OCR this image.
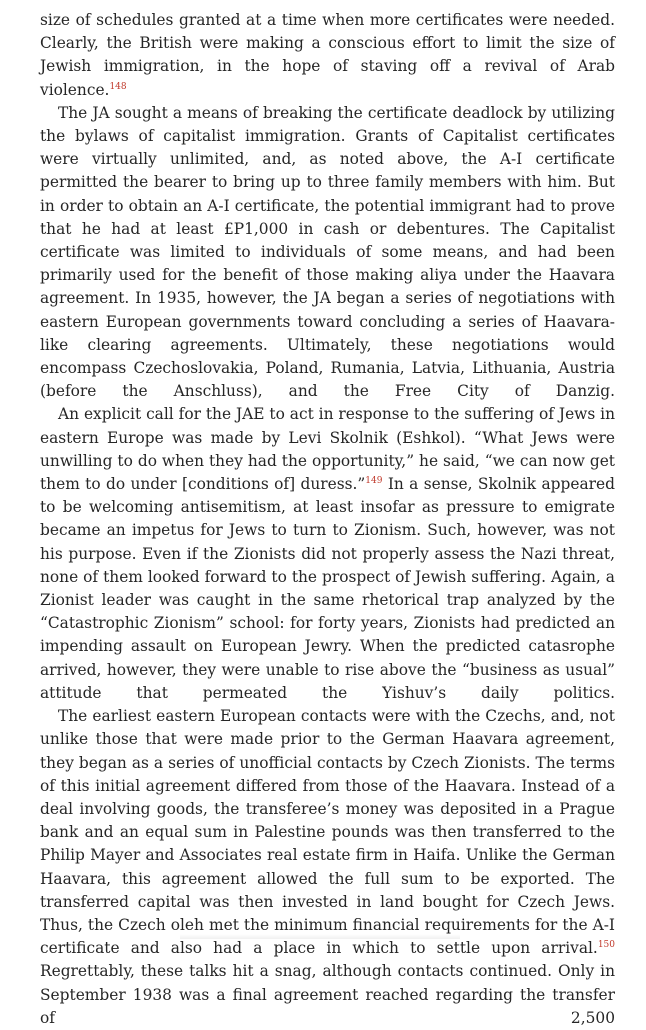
size of schedules granted at a time when more certificates were needed. Clearly, the British were making a conscious effort to limit the size of Jewish immigration, in the hope of staving off a revival of Arab violence.$^{148}$

The JA sought a means of breaking the certificate deadlock by utilizing the bylaws of capitalist immigration. Grants of Capitalist certificates were virtually unlimited, and, as noted above, the A-I certificate permitted the bearer to bring up to three family members with him. But in order to obtain an A-I certificate, the potential immigrant had to prove that he had at least £P1,000 in cash or debentures. The Capitalist certificate was limited to individuals of some means, and had been primarily used for the benefit of those making aliya under the Haavara agreement. In 1935, however, the JA began a series of negotiations with eastern European governments toward concluding a series of Haavara-like clearing agreements. Ultimately, these negotiations would encompass Czechoslovakia, Poland, Rumania, Latvia, Lithuania, Austria (before the Anschluss), and the Free City of Danzig.

An explicit call for the JAE to act in response to the suffering of Jews in eastern Europe was made by Levi Skolnik (Eshkol). “What Jews were unwilling to do when they had the opportunity,” he said, “we can now get them to do under [conditions of] duress.”$^{149}$ In a sense, Skolnik appeared to be welcoming antisemitism, at least insofar as pressure to emigrate became an impetus for Jews to turn to Zionism. Such, however, was not his purpose. Even if the Zionists did not properly assess the Nazi threat, none of them looked forward to the prospect of Jewish suffering. Again, a Zionist leader was caught in the same rhetorical trap analyzed by the “Catastrophic Zionism” school: for forty years, Zionists had predicted an impending assault on European Jewry. When the predicted catasrophe arrived, however, they were unable to rise above the “business as usual” attitude that permeated the Yishuv’s daily politics.

The earliest eastern European contacts were with the Czechs, and, not unlike those that were made prior to the German Haavara agreement, they began as a series of unofficial contacts by Czech Zionists. The terms of this initial agreement differed from those of the Haavara. Instead of a deal involving goods, the transferee’s money was deposited in a Prague bank and an equal sum in Palestine pounds was then transferred to the Philip Mayer and Associates real estate firm in Haifa. Unlike the German Haavara, this agreement allowed the full sum to be exported. The transferred capital was then invested in land bought for Czech Jews. Thus, the Czech oleh met the minimum financial requirements for the A-I certificate and also had a place in which to settle upon arrival.$^{150}$ Regrettably, these talks hit a snag, although contacts continued. Only in September 1938 was a final agreement reached regarding the transfer of 2,500
